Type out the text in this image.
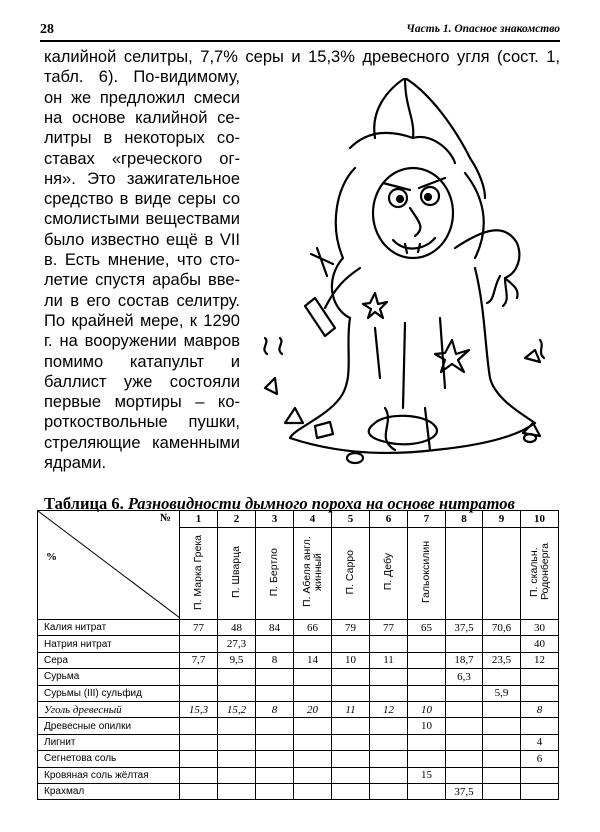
28	Часть 1. Опасное знакомство
калийной селитры, 7,7% серы и 15,3% древесного угля (сост. 1,
табл. 6). По-видимому,
он же предложил смеси
на основе калийной се-
литры в некоторых со-
ставах «греческого ог-
ня». Это зажигательное
средство в виде серы со
смолистыми веществами
было известно ещё в VII
в. Есть мнение, что сто-
летие спустя арабы вве-
ли в его состав селитру.
По крайней мере, к 1290
г. на вооружении мавров
помимо катапульт и
баллист уже состояли
первые мортиры – ко-
роткоствольные пушки,
Таблица 6. Разновидности дымного пороха на основе нитратов
№
%	1	2	3	4	5	6	7	8	9	10
	П. Марка Грека	П. Шварца	П. Бертло	П. Абеля англ. жинный	П. Сарро	П. Дебу	Гальоксилин			П. скальн. Родонберга
Калия нитрат	77	48	84	66	79	77	65	37,5	70,6	30
Натрия нитрат		27,3								40
Сера	7,7	9,5	8	14	10	11		18,7	23,5	12
Сурьма								6,3		
Сурьмы (III) сульфид									5,9	
Уголь древесный	15,3	15,2	8	20	11	12	10			8
Древесные опилки							10			
Лигнит										4
Сегнетова соль										6
Кровяная соль жёлтая							15			
Крахмал								37,5		
стреляющие каменными
ядрами.
